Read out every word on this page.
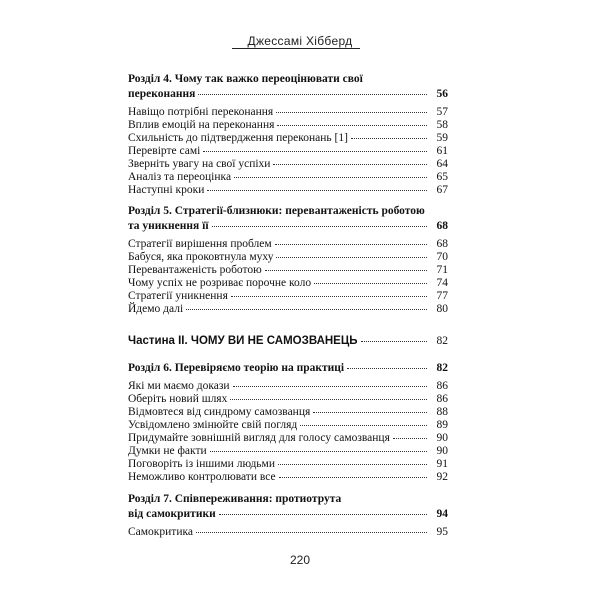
Джессамі Хібберд
Розділ 4. Чому так важко переоцінювати свої
переконання	56
Навіщо потрібні переконання	57
Вплив емоцій на переконання	58
Схильність до підтвердження переконань [1]	59
Перевірте самі	61
Зверніть увагу на свої успіхи	64
Аналіз та переоцінка	65
Наступні кроки	67
Розділ 5. Стратегії-близнюки: перевантаженість роботою
та уникнення її	68
Стратегії вирішення проблем	68
Бабуся, яка проковтнула муху	70
Перевантаженість роботою	71
Чому успіх не розриває порочне коло	74
Стратегії уникнення	77
Йдемо далі	80
Частина II. ЧОМУ ВИ НЕ САМОЗВАНЕЦЬ	82
Розділ 6. Перевіряємо теорію на практиці	82
Які ми маємо докази	86
Оберіть новий шлях	86
Відмовтеся від синдрому самозванця	88
Усвідомлено змінюйте свій погляд	89
Придумайте зовнішній вигляд для голосу самозванця	90
Думки не факти	90
Поговоріть із іншими людьми	91
Неможливо контролювати все	92
Розділ 7. Співпереживання: протиотрута
від самокритики	94
Самокритика	95
220
